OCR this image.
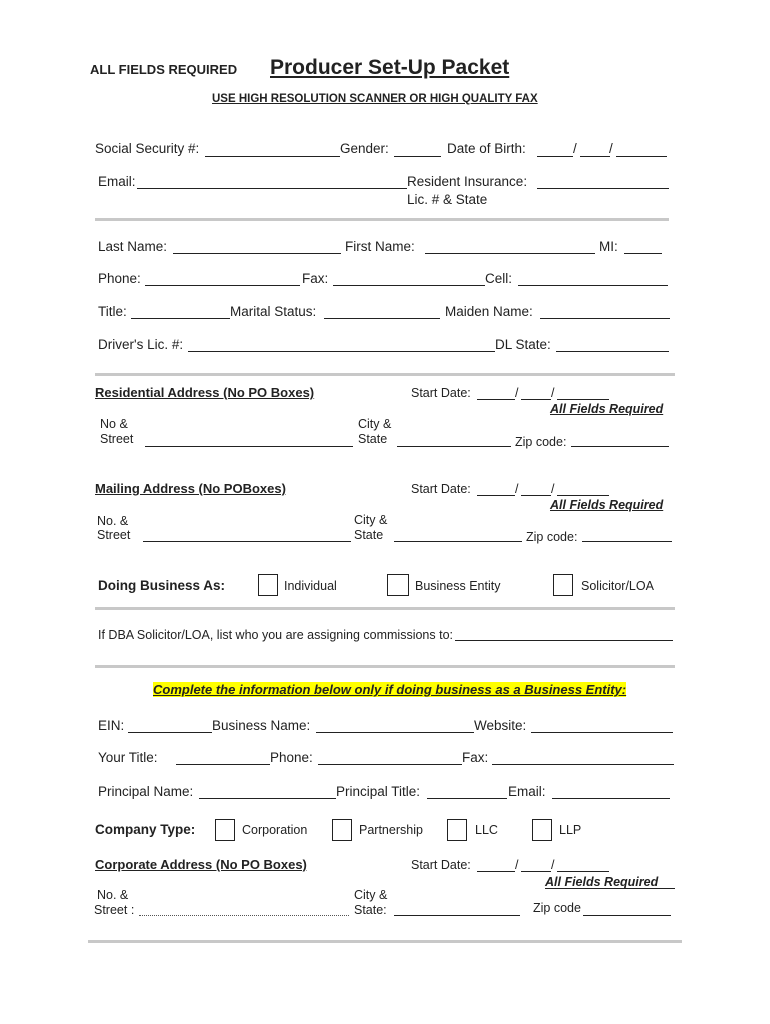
ALL FIELDS REQUIRED Producer Set-Up Packet
USE HIGH RESOLUTION SCANNER OR HIGH QUALITY FAX
Social Security #:	Gender:	Date of Birth:	/ /
Email:	Resident Insurance:
Lic. # & State
Last Name:	First Name:	MI:
Phone:	Fax:	Cell:
Title:	Marital Status:	Maiden Name:
Driver's Lic. #:	DL State:
Residential Address (No PO Boxes)	Start Date:	/	/
All Fields Required
No &
Street
City &
State	Zip code:
Mailing Address (No POBoxes)	Start Date:	/	/
All Fields Required
No. &
Street
City &
State	Zip code:
Doing Business As:	Individual	Business Entity	Solicitor/LOA
If DBA Solicitor/LOA, list who you are assigning commissions to:
Complete the information below only if doing business as a Business Entity:
EIN:	Business Name:	Website:
Your Title:	Phone:	Fax:
Principal Name:	Principal Title:	Email:
Company Type:	Corporation	Partnership	LLC	LLP
Corporate Address (No PO Boxes)	Start Date:	/	/
All Fields Required
No. &
Street :
City &
State:	Zip code
